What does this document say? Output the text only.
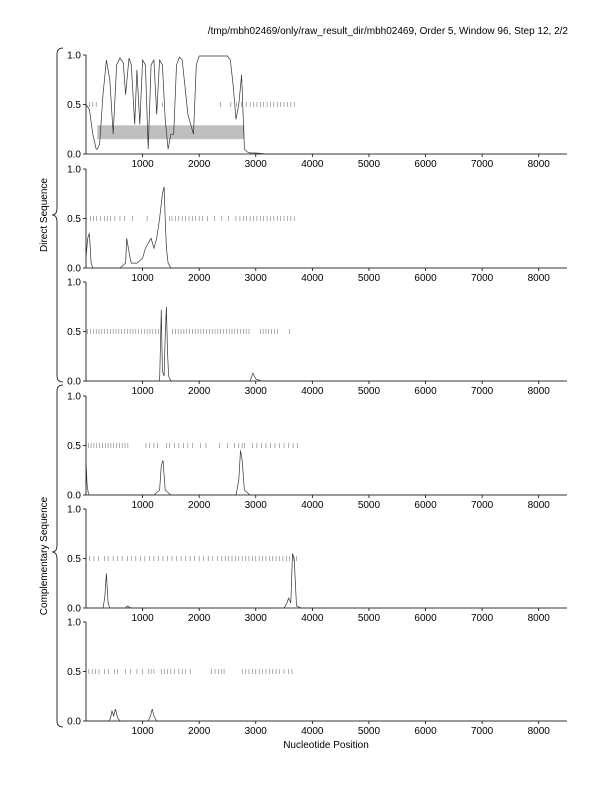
/tmp/mbh02469/only/raw_result_dir/mbh02469, Order 5, Window 96, Step 12, 2/2
0.0
0.5
1.0
1000	2000	3000	4000	5000	6000	7000	8000
0.0
0.5
1.0
1000	2000	3000	4000	5000	6000	7000	8000
0.0
0.5
1.0
1000	2000	3000	4000	5000	6000	7000	8000
0.0
0.5
1.0
1000	2000	3000	4000	5000	6000	7000	8000
0.0
0.5
1.0
1000	2000	3000	4000	5000	6000	7000	8000
0.0
0.5
1.0
1000	2000	3000	4000	5000	6000	7000	8000
Direct Sequence
Complementary Sequence
Nucleotide Position
